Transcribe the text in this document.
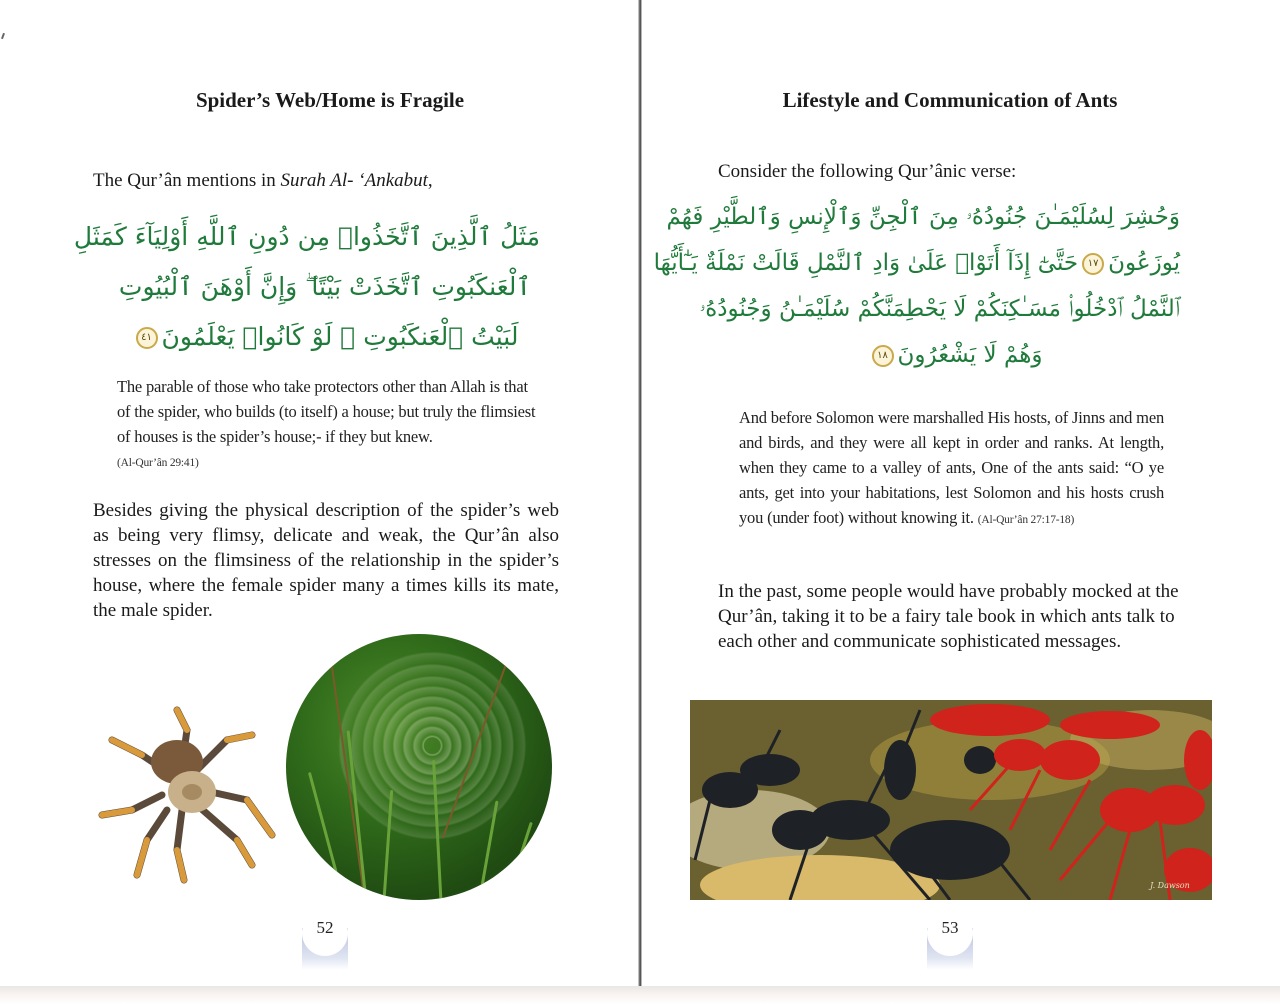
Spider’s Web/Home is Fragile

The Qur’ân mentions in Surah Al- ‘Ankabut,

مَثَلُ ٱلَّذِينَ ٱتَّخَذُوا۟ مِن دُونِ ٱللَّهِ أَوْلِيَآءَ كَمَثَلِ
ٱلْعَنكَبُوتِ ٱتَّخَذَتْ بَيْتًا ۖ وَإِنَّ أَوْهَنَ ٱلْبُيُوتِ
لَبَيْتُ ٱلْعَنكَبُوتِ ۖ لَوْ كَانُوا۟ يَعْلَمُونَ٤١

The parable of those who take protectors other than Allah is that of the spider, who builds (to itself) a house; but truly the flimsiest of houses is the spider’s house;- if they but knew.
(Al-Qur’ân 29:41)

Besides giving the physical description of the spider’s web as being very flimsy, delicate and weak, the Qur’ân also stresses on the flimsiness of the relationship in the spider’s house, where the female spider many a times kills its mate, the male spider.

52
Lifestyle and Communication of Ants

Consider the following Qur’ânic verse:

وَحُشِرَ لِسُلَيْمَـٰنَ جُنُودُهُۥ مِنَ ٱلْجِنِّ وَٱلْإِنسِ وَٱلطَّيْرِ فَهُمْ
يُوزَعُونَ١٧حَتَّىٰٓ إِذَآ أَتَوْا۟ عَلَىٰ وَادِ ٱلنَّمْلِ قَالَتْ نَمْلَةٌ يَـٰٓأَيُّهَا
ٱلنَّمْلُ ٱدْخُلُوا۟ مَسَـٰكِنَكُمْ لَا يَحْطِمَنَّكُمْ سُلَيْمَـٰنُ وَجُنُودُهُۥ
وَهُمْ لَا يَشْعُرُونَ١٨

And before Solomon were marshalled His hosts, of Jinns and men and birds, and they were all kept in order and ranks. At length, when they came to a valley of ants, One of the ants said: “O ye ants, get into your habitations, lest Solomon and his hosts crush you (under foot) without knowing it. (Al-Qur’ân 27:17-18)

In the past, some people would have probably mocked at the Qur’ân, taking it to be a fairy tale book in which ants talk to each other and communicate sophisticated messages.

J. Dawson
53
